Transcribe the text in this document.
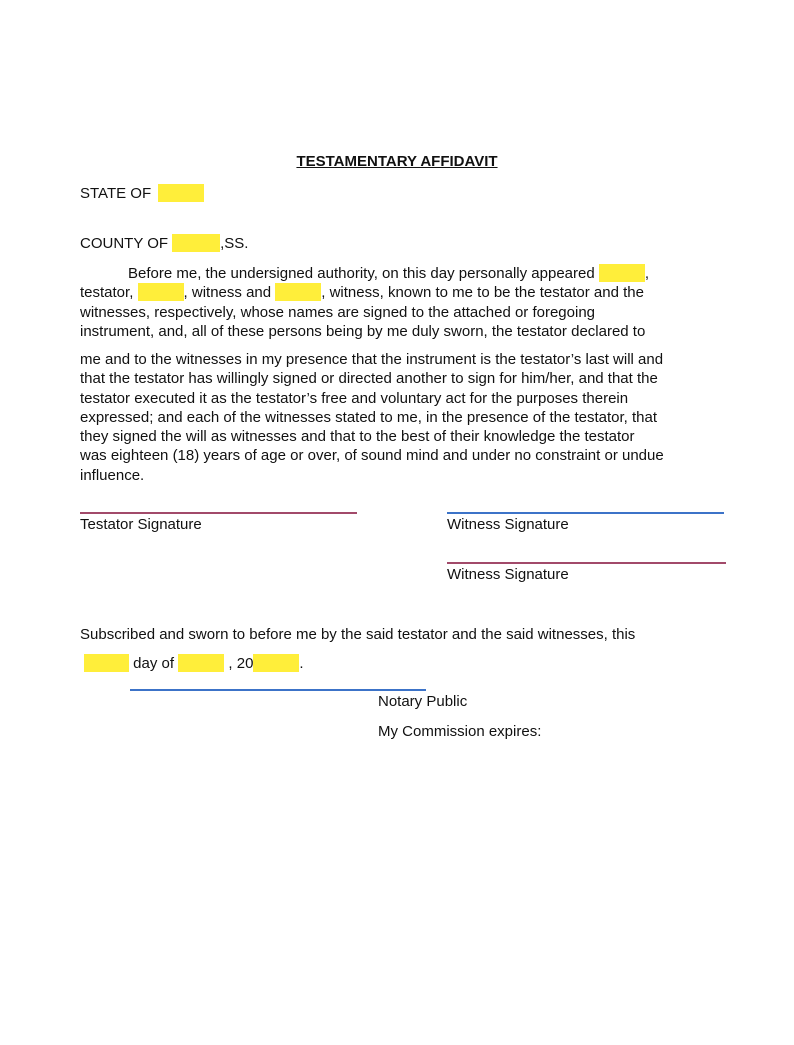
TESTAMENTARY AFFIDAVIT
STATE OF
COUNTY OF	,SS.
Before me, the undersigned authority, on this day personally appeared	,
testator,	, witness and	, witness, known to me to be the testator and the
witnesses, respectively, whose names are signed to the attached or foregoing
instrument, and, all of these persons being by me duly sworn, the testator declared to
me and to the witnesses in my presence that the instrument is the testator’s last will and
that the testator has willingly signed or directed another to sign for him/her, and that the
testator executed it as the testator’s free and voluntary act for the purposes therein
expressed; and each of the witnesses stated to me, in the presence of the testator, that
they signed the will as witnesses and that to the best of their knowledge the testator
was eighteen (18) years of age or over, of sound mind and under no constraint or undue
influence.
Testator Signature	Witness Signature
Witness Signature
Subscribed and sworn to before me by the said testator and the said witnesses, this
day of	, 20	.
Notary Public
My Commission expires:
